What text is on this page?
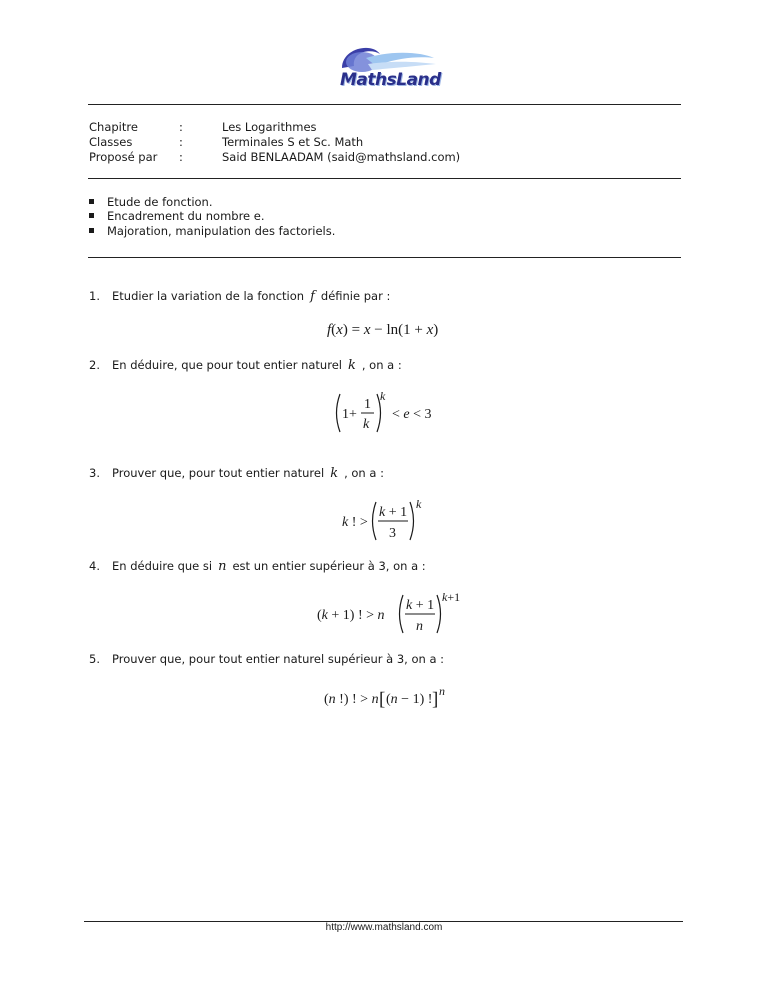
MathsLand
Chapitre	:	Les Logarithmes
Classes	:	Terminales S et Sc. Math
Proposé par :	Said BENLAADAM (said@mathsland.com)
Etude de fonction.
Encadrement du nombre e.
Majoration, manipulation des factoriels.
1. Etudier la variation de la fonction f définie par :
f(x) = x − ln(1 + x)
2. En déduire, que pour tout entier naturel k , on a :
1+
1
k
k
< e < 3
3. Prouver que, pour tout entier naturel k , on a :
k ! >
k + 1
3
k
4. En déduire que si n est un entier supérieur à 3, on a :
(k + 1) ! > n
k + 1
n
k+1
5. Prouver que, pour tout entier naturel supérieur à 3, on a :
(n !) ! > n [ (n − 1) ! ] n
http://www.mathsland.com
